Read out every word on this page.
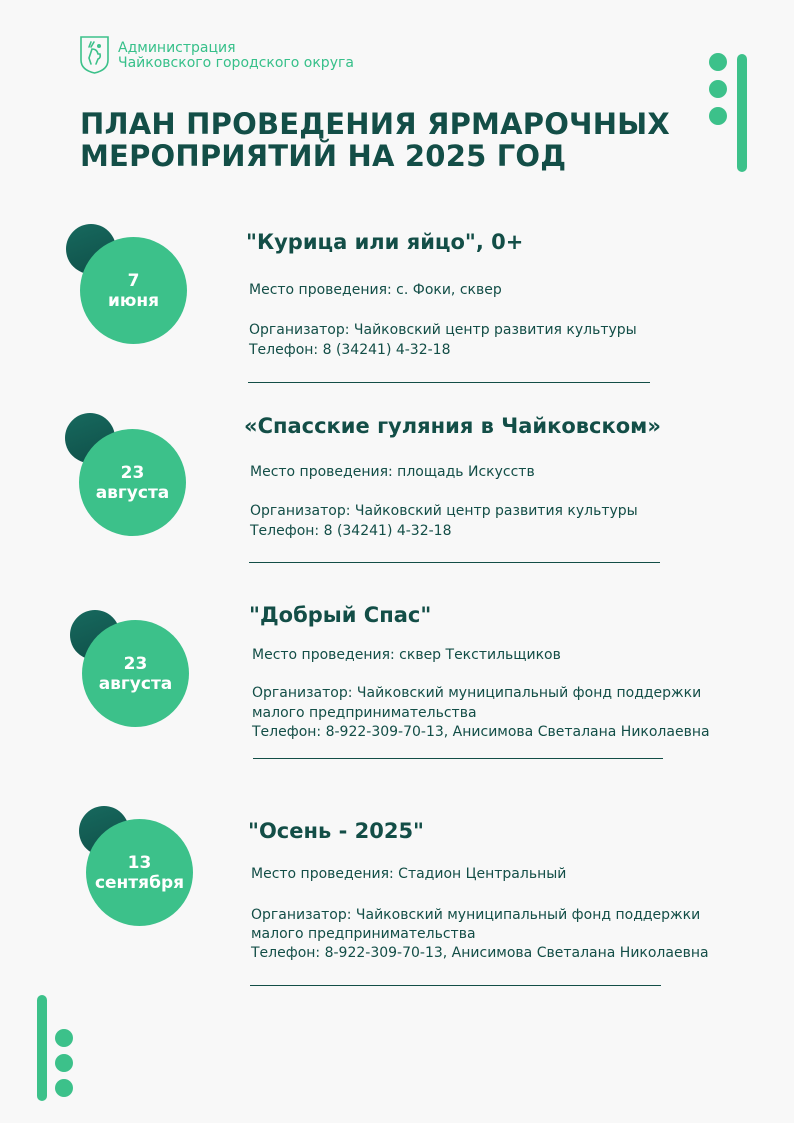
Администрация
Чайковского городского округа
ПЛАН ПРОВЕДЕНИЯ ЯРМАРОЧНЫХ
МЕРОПРИЯТИЙ НА 2025 ГОД
7
июня
"Курица или яйцо", 0+
Место проведения: с. Фоки, сквер
Организатор: Чайковский центр развития культуры
Телефон: 8 (34241) 4-32-18
23
августа
«Спасские гуляния в Чайковском»
Место проведения: площадь Искусств
Организатор: Чайковский центр развития культуры
Телефон: 8 (34241) 4-32-18
23
августа
"Добрый Спас"
Место проведения: сквер Текстильщиков
Организатор: Чайковский муниципальный фонд поддержки
малого предпринимательства
Телефон: 8-922-309-70-13, Анисимова Светалана Николаевна
13
сентября
"Осень - 2025"
Место проведения: Стадион Центральный
Организатор: Чайковский муниципальный фонд поддержки
малого предпринимательства
Телефон: 8-922-309-70-13, Анисимова Светалана Николаевна
